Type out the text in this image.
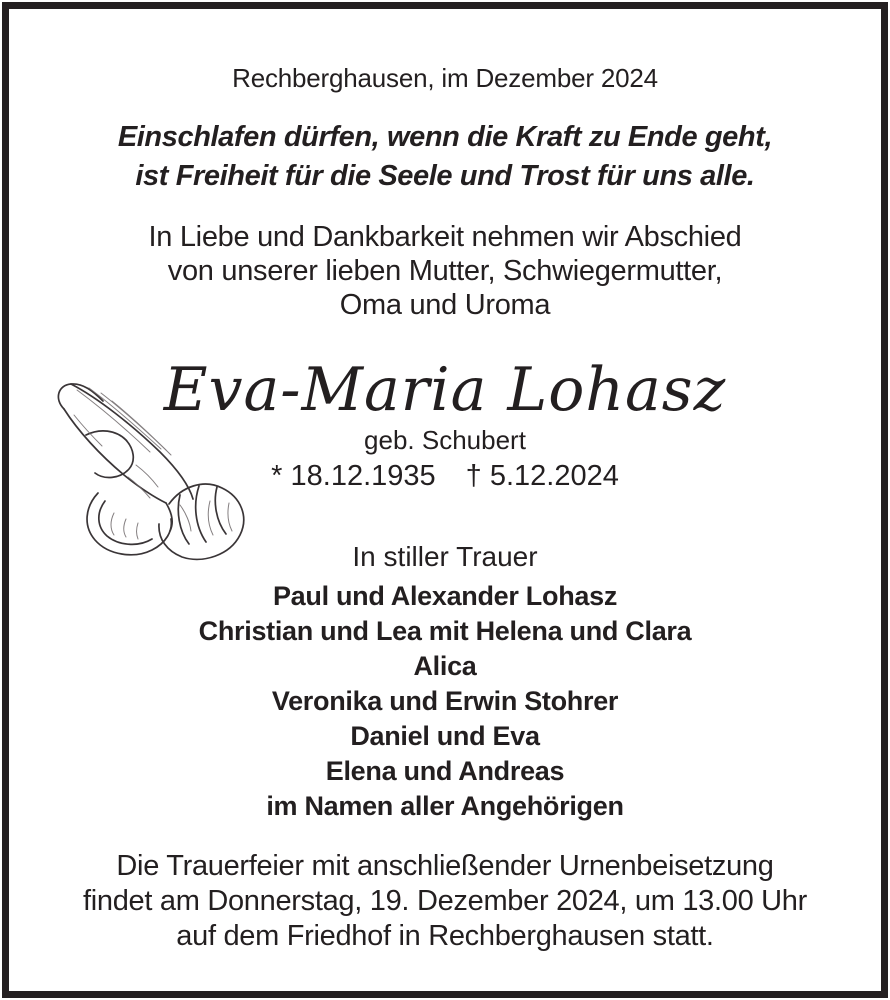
Rechberghausen, im Dezember 2024
Einschlafen dürfen, wenn die Kraft zu Ende geht,
ist Freiheit für die Seele und Trost für uns alle.
In Liebe und Dankbarkeit nehmen wir Abschied
von unserer lieben Mutter, Schwiegermutter,
Oma und Uroma
Eva-Maria Lohasz
geb. Schubert
* 18.12.1935 † 5.12.2024
In stiller Trauer
Paul und Alexander Lohasz
Christian und Lea mit Helena und Clara
Alica
Veronika und Erwin Stohrer
Daniel und Eva
Elena und Andreas
im Namen aller Angehörigen
Die Trauerfeier mit anschließender Urnenbeisetzung
findet am Donnerstag, 19. Dezember 2024, um 13.00 Uhr
auf dem Friedhof in Rechberghausen statt.
